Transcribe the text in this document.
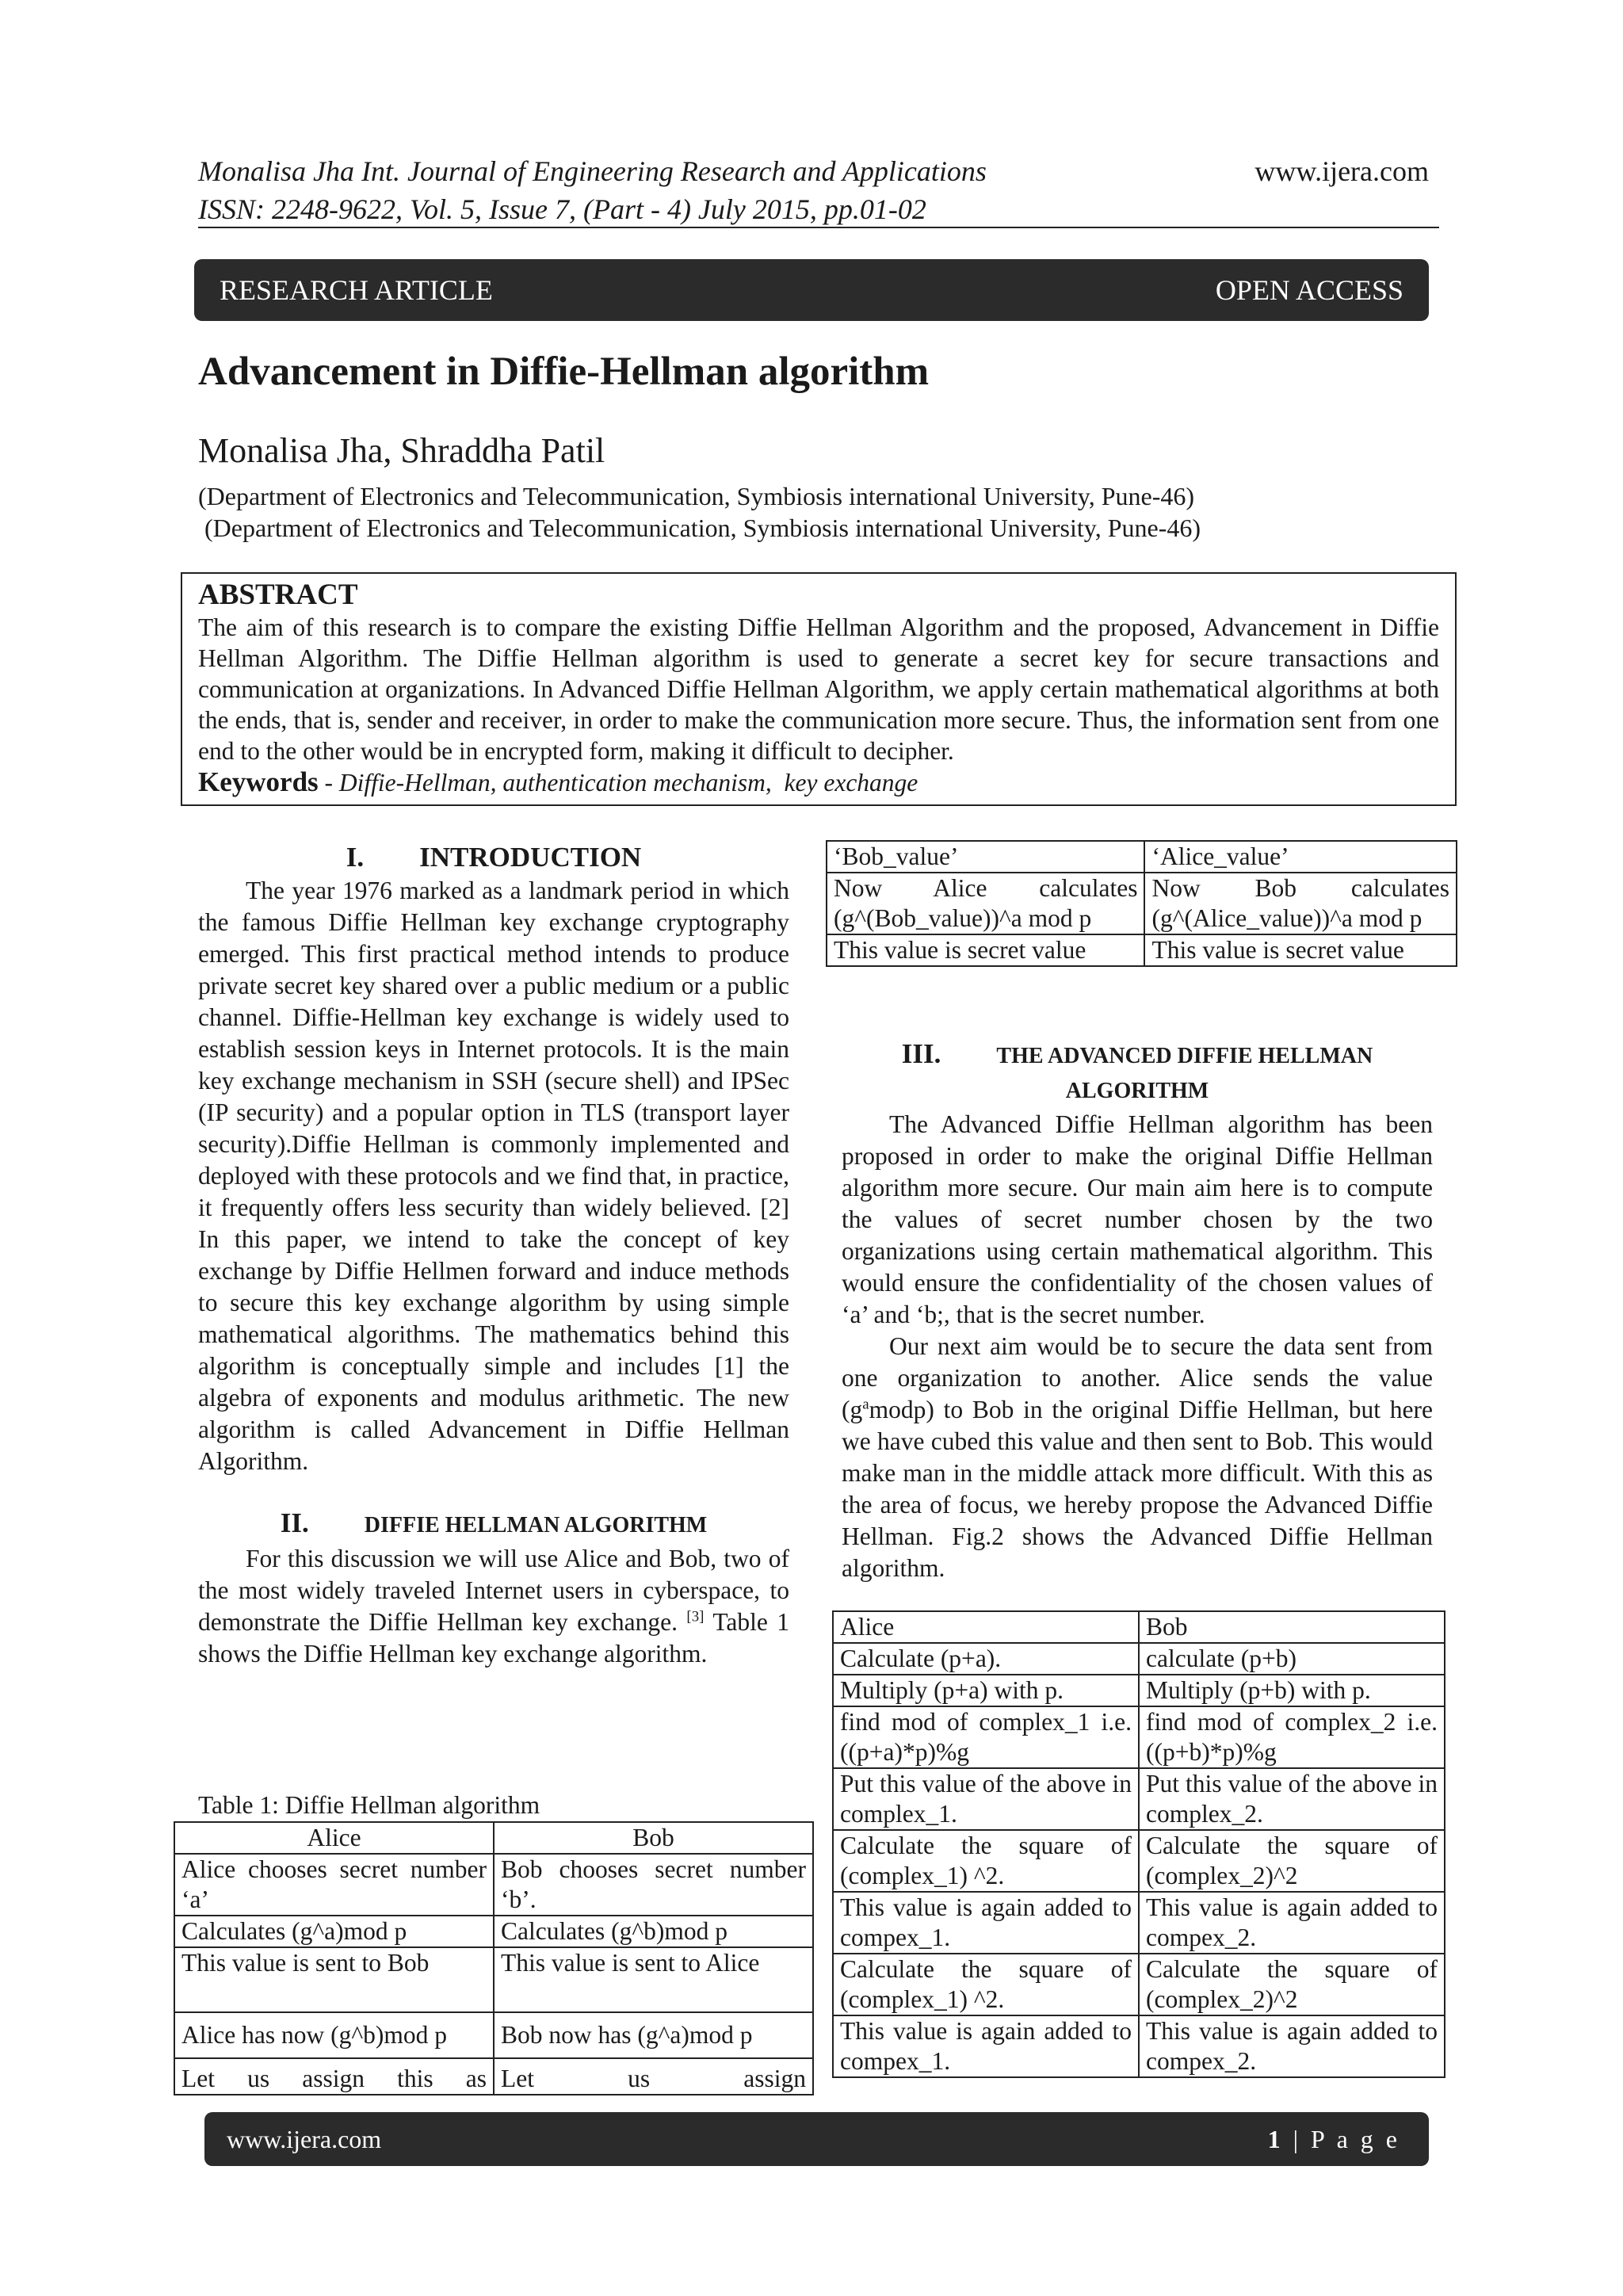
Monalisa Jha Int. Journal of Engineering Research and Applications
ISSN: 2248-9622, Vol. 5, Issue 7, (Part - 4) July 2015, pp.01-02
www.ijera.com
RESEARCH ARTICLE	OPEN ACCESS
Advancement in Diffie-Hellman algorithm
Monalisa Jha, Shraddha Patil
(Department of Electronics and Telecommunication, Symbiosis international University, Pune-46)
(Department of Electronics and Telecommunication, Symbiosis international University, Pune-46)
ABSTRACT
The aim of this research is to compare the existing Diffie Hellman Algorithm and the proposed, Advancement in Diffie Hellman Algorithm. The Diffie Hellman algorithm is used to generate a secret key for secure transactions and communication at organizations. In Advanced Diffie Hellman Algorithm, we apply certain mathematical algorithms at both the ends, that is, sender and receiver, in order to make the communication more secure. Thus, the information sent from one end to the other would be in encrypted form, making it difficult to decipher.
Keywords - Diffie-Hellman, authentication mechanism,  key exchange
I. INTRODUCTION

The year 1976 marked as a landmark period in which the famous Diffie Hellman key exchange cryptography emerged. This first practical method intends to produce private secret key shared over a public medium or a public channel. Diffie-Hellman key exchange is widely used to establish session keys in Internet protocols. It is the main key exchange mechanism in SSH (secure shell) and IPSec (IP security) and a popular option in TLS (transport layer security).Diffie Hellman is commonly implemented and deployed with these protocols and we find that, in practice, it frequently offers less security than widely believed. [2] In this paper, we intend to take the concept of key exchange by Diffie Hellmen forward and induce methods to secure this key exchange algorithm by using simple mathematical algorithms. The mathematics behind this algorithm is conceptually simple and includes [1] the algebra of exponents and modulus arithmetic. The new algorithm is called Advancement in Diffie Hellman Algorithm.

II.	DIFFIE HELLMAN ALGORITHM

For this discussion we will use Alice and Bob, two of the most widely traveled Internet users in cyberspace, to demonstrate the Diffie Hellman key exchange. [3] Table 1 shows the Diffie Hellman key exchange algorithm.

Table 1: Diffie Hellman algorithm
Alice	Bob
Alice chooses secret number ‘a’	Bob chooses secret number ‘b’.
Calculates (g^a)mod p	Calculates (g^b)mod p
This value is sent to Bob	This value is sent to Alice
Alice has now (g^b)mod p	Bob now has (g^a)mod p
Let us assign this as	Let us assign
‘Bob_value’	‘Alice_value’
Now Alice calculates (g^(Bob_value))^a mod p	Now Bob calculates (g^(Alice_value))^a mod p
This value is secret value	This value is secret value
III.	THE ADVANCED DIFFIE HELLMAN ALGORITHM

The Advanced Diffie Hellman algorithm has been proposed in order to make the original Diffie Hellman algorithm more secure. Our main aim here is to compute the values of secret number chosen by the two organizations using certain mathematical algorithm. This would ensure the confidentiality of the chosen values of ‘a’ and ‘b;, that is the secret number.

Our next aim would be to secure the data sent from one organization to another. Alice sends the value $(g^amodp)$ to Bob in the original Diffie Hellman, but here we have cubed this value and then sent to Bob. This would make man in the middle attack more difficult. With this as the area of focus, we hereby propose the Advanced Diffie Hellman. Fig.2 shows the Advanced Diffie Hellman algorithm.

Alice	Bob
Calculate (p+a).	calculate (p+b)
Multiply (p+a) with p.	Multiply (p+b) with p.
find mod of complex_1 i.e.((p+a)*p)%g	find mod of complex_2 i.e.((p+b)*p)%g
Put this value of the above in complex_1.	Put this value of the above in complex_2.
Calculate the square of (complex_1) ^2.	Calculate the square of (complex_2)^2
This value is again added to compex_1.	This value is again added to compex_2.
Calculate the square of (complex_1) ^2.	Calculate the square of (complex_2)^2
This value is again added to compex_1.	This value is again added to compex_2.
www.ijera.com	1 | P a g e
